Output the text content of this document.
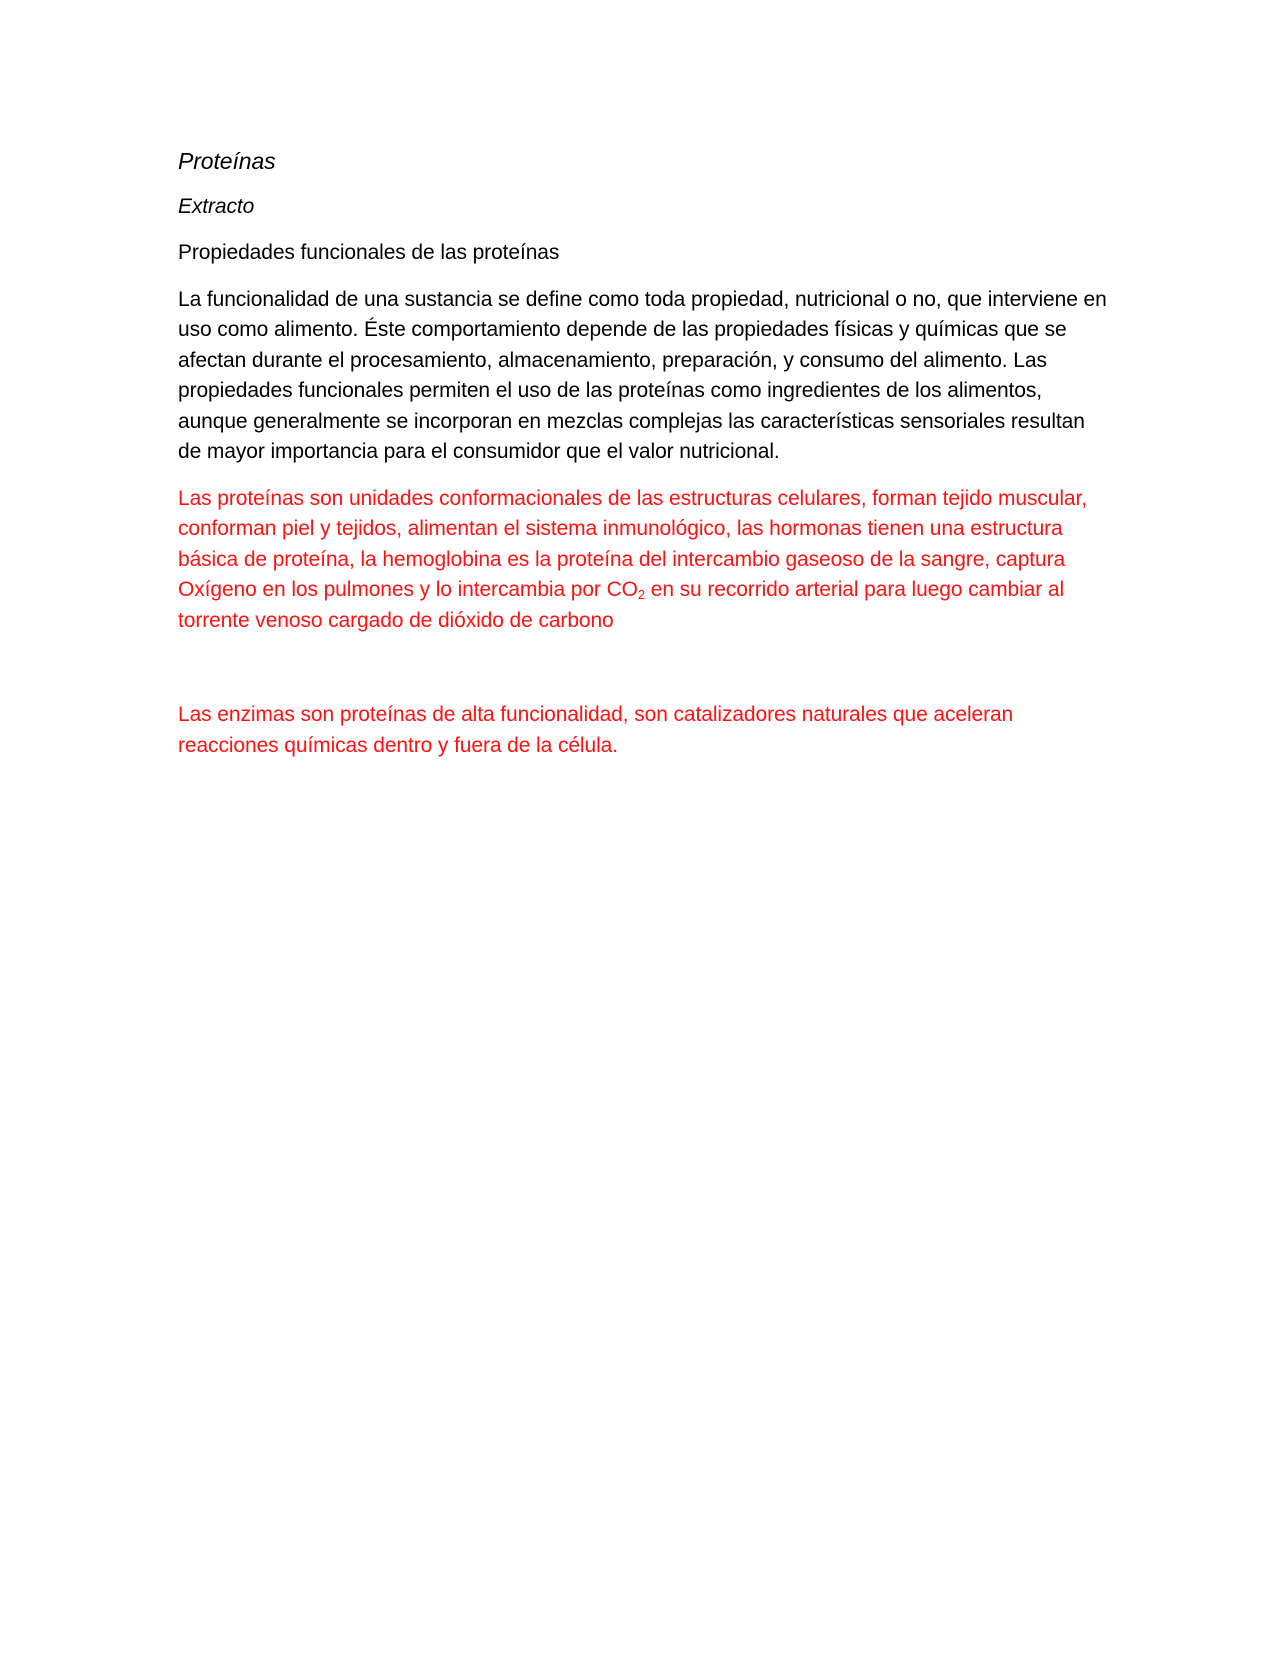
Proteínas

Extracto

Propiedades funcionales de las proteínas

La funcionalidad de una sustancia se define como toda propiedad, nutricional o no, que interviene en uso como alimento. Éste comportamiento depende de las propiedades físicas y químicas que se afectan durante el procesamiento, almacenamiento, preparación, y consumo del alimento. Las propiedades funcionales permiten el uso de las proteínas como ingredientes de los alimentos, aunque generalmente se incorporan en mezclas complejas las características sensoriales resultan de mayor importancia para el consumidor que el valor nutricional.

Las proteínas son unidades conformacionales de las estructuras celulares, forman tejido muscular, conforman piel y tejidos, alimentan el sistema inmunológico, las hormonas tienen una estructura básica de proteína, la hemoglobina es la proteína del intercambio gaseoso de la sangre, captura Oxígeno en los pulmones y lo intercambia por $CO_2$ en su recorrido arterial para luego cambiar al torrente venoso cargado de dióxido de carbono

Las enzimas son proteínas de alta funcionalidad, son catalizadores naturales que aceleran reacciones químicas dentro y fuera de la célula.
